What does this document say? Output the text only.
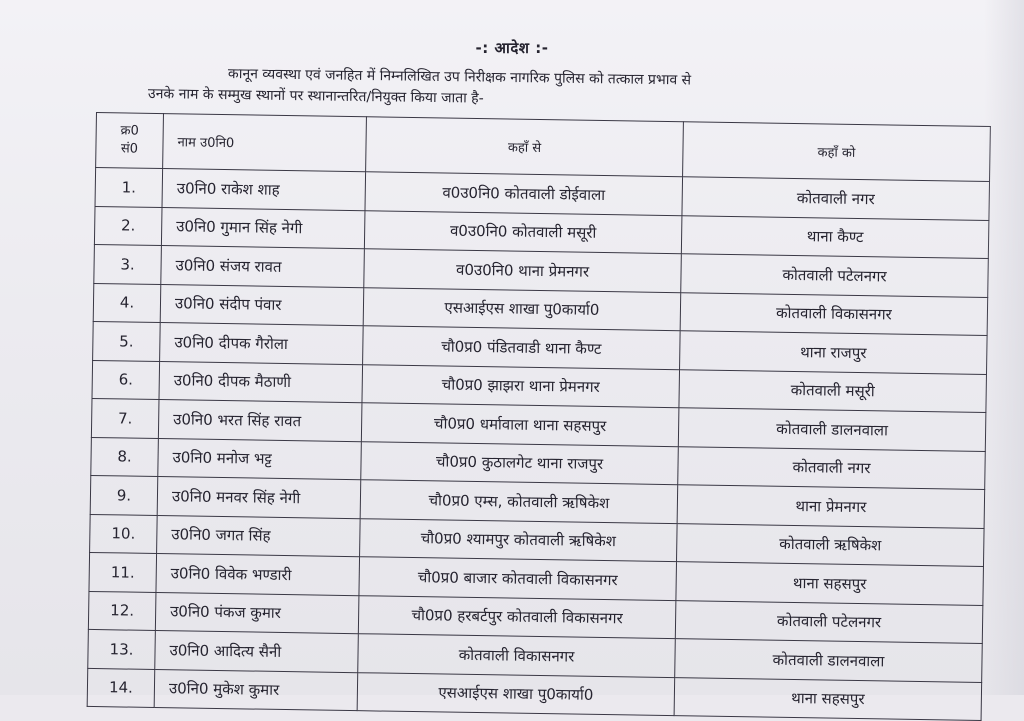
-: आदेश :-
कानून व्यवस्था एवं जनहित में निम्नलिखित उप निरीक्षक नागरिक पुलिस को तत्काल प्रभाव से
उनके नाम के सम्मुख स्थानों पर स्थानान्तरित/नियुक्त किया जाता है-
क्र0
सं0	नाम उ0नि0	कहाँ से	कहाँ को
1.	उ0नि0 राकेश शाह	व0उ0नि0 कोतवाली डोईवाला	कोतवाली नगर
2.	उ0नि0 गुमान सिंह नेगी	व0उ0नि0 कोतवाली मसूरी	थाना कैण्ट
3.	उ0नि0 संजय रावत	व0उ0नि0 थाना प्रेमनगर	कोतवाली पटेलनगर
4.	उ0नि0 संदीप पंवार	एसआईएस शाखा पु0कार्या0	कोतवाली विकासनगर
5.	उ0नि0 दीपक गैरोला	चौ0प्र0 पंडितवाडी थाना कैण्ट	थाना राजपुर
6.	उ0नि0 दीपक मैठाणी	चौ0प्र0 झाझरा थाना प्रेमनगर	कोतवाली मसूरी
7.	उ0नि0 भरत सिंह रावत	चौ0प्र0 धर्मावाला थाना सहसपुर	कोतवाली डालनवाला
8.	उ0नि0 मनोज भट्ट	चौ0प्र0 कुठालगेट थाना राजपुर	कोतवाली नगर
9.	उ0नि0 मनवर सिंह नेगी	चौ0प्र0 एम्स, कोतवाली ऋषिकेश	थाना प्रेमनगर
10.	उ0नि0 जगत सिंह	चौ0प्र0 श्यामपुर कोतवाली ऋषिकेश	कोतवाली ऋषिकेश
11.	उ0नि0 विवेक भण्डारी	चौ0प्र0 बाजार कोतवाली विकासनगर	थाना सहसपुर
12.	उ0नि0 पंकज कुमार	चौ0प्र0 हरबर्टपुर कोतवाली विकासनगर	कोतवाली पटेलनगर
13.	उ0नि0 आदित्य सैनी	कोतवाली विकासनगर	कोतवाली डालनवाला
14.	उ0नि0 मुकेश कुमार	एसआईएस शाखा पु0कार्या0	थाना सहसपुर
